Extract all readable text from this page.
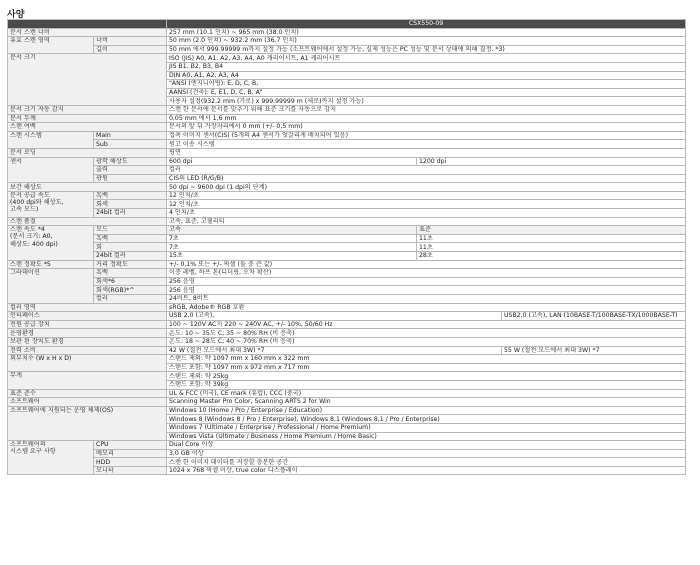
사양
		CSX550-09			
문서 스캔 너비		257 mm (10.1 인치) ~ 965 mm (38.0 인치)			
유효 스캔 영역	너비	50 mm (2.0 인치) ~ 932.2 mm (36.7 인치)			
	길이	50 mm 에서 999.99999 m까지 설정 가능 (소프트웨어에서 설정 가능, 실제 성능은 PC 성능 및 문서 상태에 의해 결정. *3)			
문서 크기		ISO (JIS) A0, A1, A2, A3, A4, A0 캐리어시트, A1 캐리어시트			
		JIS B1, B2, B3, B4			
		DIN A0, A1, A2, A3, A4			
		"ANSI (엔지니어링): E, D, C, B,			
		AANSI (건축): E, E1, D, C, B, A"			
		사용자 설정(932.2 mm (가로) x 999.99999 m (세로)까지 설정 가능)			
문서 크기 자동 감지		스캔 한 문서에 문서를 맞추기 위해 표준 크기를 자동으로 감지			
문서 두께		0,05 mm 에서 1,6 mm			
스캔 여백		문서의 앞 뒤 가장자리에서 0 mm (+/- 0,5 mm)			
스캔 시스템	Main	접촉 이미지 센서(CIS) (5개의 A4 센서가 엇갈리게 배치되어 있음)			
	Sub	원고 이송 시스템			
문서 로딩		평면			
센서	광학 해상도	600 dpi	1200 dpi		
	출력	컬러			
	광원	CIS의 LED (R/G/B)			
보간 해상도		50 dpi ~ 9600 dpi (1 dpi의 단계)			

문서 공급 속도
(400 dpi와 해상도,
고속 모드)	흑백	12 인치/초			
	회색	12 인치/초			
	24bit 컬러	4 인치/초			
스캔 품질		고속, 표준, 고퀄리티			

스캔 속도 *4
(문서 크기: A0,
해상도: 400 dpi)	모드	고속	표준	
	흑백	7초	11초	
	회	7초	11초	
	24bit 컬러	15초	28초	
스캔 정확도 *5	거리 정확도	+/- 0,1% 또는 +/- 픽셀 (둘 중 큰 값)			
그라데이션	흑백	이중 레벨, 하프 톤(디더링, 오차 확산)			
	회색*6	256 음영			
	회색(RGB)*^	256 음영			
	컬러	24비트, 8비트			
컬러 영역		sRGB, Adobe® RGB 호환			
인터페이스		USB 2,0 (고속),		USB2,0 (고속), LAN (10BASE-T/100BASE-TX/1000BASE-T)	
전원 공급 장치		100 ~ 120V AC지 220 ~ 240V AC, +/- 10%, 50/60 Hz			
운영환경		온도: 10 ~ 35도 C; 35 ~ 80% RH (비 응축)			
보관 된 장치도 환경		온도: 18 ~ 28도 C; 40 ~ 70% RH (비 응축)			
전력 소비		42 W (절전 모드에서 최대 3W) *7		55 W (절전 모드에서 최대 3W) *7	
외부치수 (W x H x D)		스탠드 제외: 약 1097 mm x 160 mm x 322 mm			
		스탠드 포함: 약 1097 mm x 972 mm x 717 mm			
무게		스탠드 제외: 약 25kg			
		스탠드 포함: 약 39kg			
표준 준수		UL & FCC (미국), CE mark (유럽), CCC (중국)			
소프트웨어		Scanning Master Pro Color, Scanning ARTS 2 for Win			
소프트웨어에 지원되는 운영 체제(OS)		Windows 10 (Home / Pro / Enterprise / Education)			
		Windows 8 (Windows 8 / Pro / Enterprise), Windows 8,1 (Windows 8,1 / Pro / Enterprise)			
		Windows 7 (Ultimate / Enterprise / Professional / Home Premium)			
		Windows Vista (Ultimate / Business / Home Premium / Home Basic)			

소프트웨어의
시스템 요구 사항	CPU	Dual Core 이상			
	메모리	3,0 GB 이상			
	HDD	스캔 한 이미지 데이터를 저장할 충분한 공간			
	모니터	1024 x 768 픽셀 이상, true color 디스플레이			
